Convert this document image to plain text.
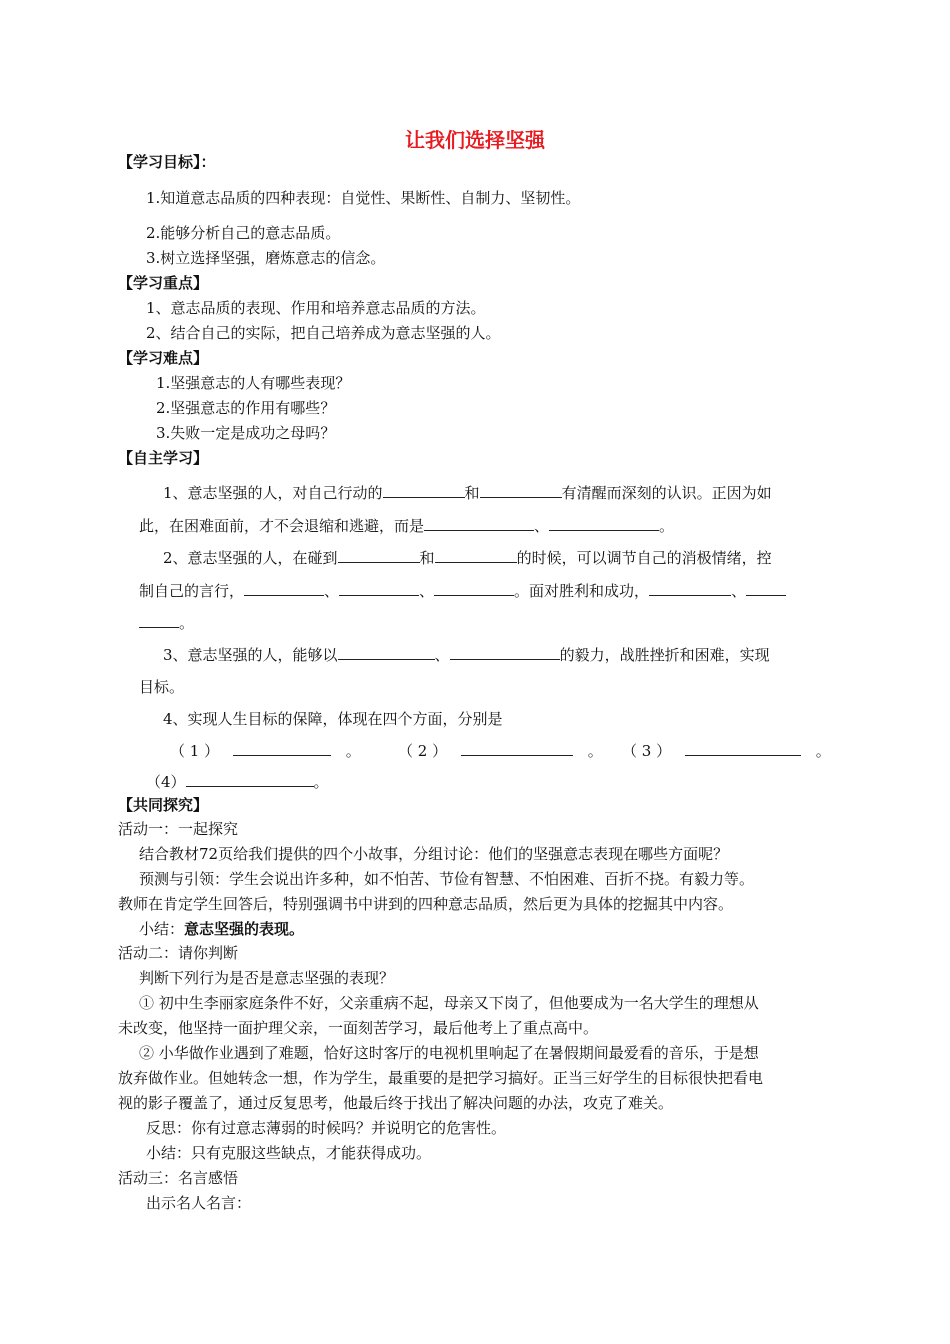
让我们选择坚强
【学习目标】：
1.知道意志品质的四种表现：自觉性、果断性、自制力、坚韧性。
2.能够分析自己的意志品质。
3.树立选择坚强，磨炼意志的信念。
【学习重点】
1、意志品质的表现、作用和培养意志品质的方法。
2、结合自己的实际，把自己培养成为意志坚强的人。
【学习难点】
1.坚强意志的人有哪些表现？
2.坚强意志的作用有哪些？
3.失败一定是成功之母吗？
【自主学习】
1、意志坚强的人，对自己行动的	和	有清醒而深刻的认识。正因为如
此，在困难面前，才不会退缩和逃避，而是	、	。
2、意志坚强的人，在碰到	和	的时候，可以调节自己的消极情绪，控
制自己的言行，	、	、	。面对胜利和成功，	、
。
3、意志坚强的人，能够以	、	的毅力，战胜挫折和困难，实现
目标。
4、实现人生目标的保障，体现在四个方面，分别是
（ 1 ）	。 （ 2 ）	。 （ 3 ）	。
（4）	。
【共同探究】
活动一：一起探究
结合教材72页给我们提供的四个小故事，分组讨论：他们的坚强意志表现在哪些方面呢？
预测与引领：学生会说出许多种，如不怕苦、节俭有智慧、不怕困难、百折不挠。有毅力等。
教师在肯定学生回答后，特别强调书中讲到的四种意志品质，然后更为具体的挖掘其中内容。
小结：意志坚强的表现。
活动二：请你判断
判断下列行为是否是意志坚强的表现？
① 初中生李丽家庭条件不好，父亲重病不起，母亲又下岗了，但他要成为一名大学生的理想从
未改变，他坚持一面护理父亲，一面刻苦学习，最后他考上了重点高中。
② 小华做作业遇到了难题，恰好这时客厅的电视机里响起了在暑假期间最爱看的音乐，于是想
放弃做作业。但她转念一想，作为学生，最重要的是把学习搞好。正当三好学生的目标很快把看电
视的影子覆盖了，通过反复思考，他最后终于找出了解决问题的办法，攻克了难关。
反思：你有过意志薄弱的时候吗？并说明它的危害性。
小结：只有克服这些缺点，才能获得成功。
活动三：名言感悟
出示名人名言：
